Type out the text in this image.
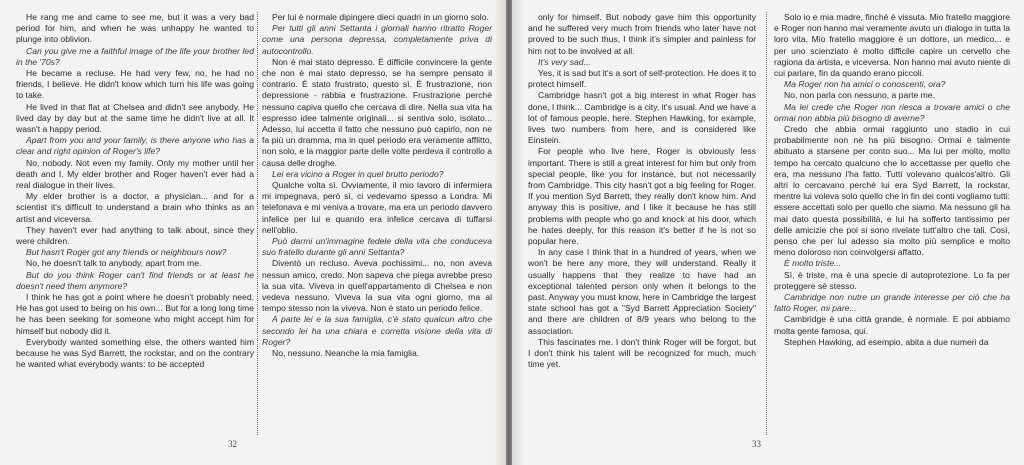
He rang me and came to see me, but it was a very bad period for him, and when he was unhappy he wanted to plunge into oblivion.

Can you give me a faithful image of the life your brother led in the '70s?

He became a recluse. He had very few, no, he had no friends, I believe. He didn't know which turn his life was going to take.

He lived in that flat at Chelsea and didn't see anybody. He lived day by day but at the same time he didn't live at all. It wasn't a happy period.

Apart from you and your family, is there anyone who has a clear and right opinion of Roger's life?

No, nobody. Not even my family. Only my mother until her death and I. My elder brother and Roger haven't ever had a real dialogue in their lives.

My elder brother is a doctor, a physician... and for a scientist it's difficult to understand a brain who thinks as an artist and viceversa.

They haven't ever had anything to talk about, since they were children.

But hasn't Roger got any friends or neighbours now?

No, he doesn't talk to anybody, apart from me.

But do you think Roger can't find friends or at least he doesn't need them anymore?

I think he has got a point where he doesn't probably need. He has got used to being on his own... But for a long long time he has been seeking for someone who might accept him for himself but nobody did it.

Everybody wanted something else, the others wanted him because he was Syd Barrett, the rockstar, and on the contrary he wanted what everybody wants: to be accepted

Per lui è normale dipingere dieci quadri in un giorno solo.

Per tutti gli anni Settanta i giornali hanno ritratto Roger come una persona depressa, completamente priva di autocontrollo.

Non è mai stato depresso. È difficile convincere la gente che non è mai stato depresso, se ha sempre pensato il contrario. È stato frustrato, questo sì. È frustrazione, non depressione - rabbia e frustrazione. Frustrazione perché nessuno capiva quello che cercava di dire. Nella sua vita ha espresso idee talmente originali... si sentiva solo, isolato... Adesso, lui accetta il fatto che nessuno può capirlo, non ne fa più un dramma, ma in quel periodo era veramente afflitto, non solo, e la maggior parte delle volte perdeva il controllo a causa delle droghe.

Lei era vicino a Roger in quel brutto periodo?

Qualche volta sì. Ovviamente, il mio lavoro di infermiera mi impegnava, però sì, ci vedevamo spesso a Londra. Mi telefonava e mi veniva a trovare, ma era un periodo davvero infelice per lui e quando era infelice cercava di tuffarsi nell'oblio.

Può darmi un'immagine fedele della vita che conduceva suo fratello durante gli anni Settanta?

Diventò un recluso. Aveva pochissimi... no, non aveva nessun amico, credo. Non sapeva che piega avrebbe preso la sua vita. Viveva in quell'appartamento di Chelsea e non vedeva nessuno. Viveva la sua vita ogni giorno, ma al tempo stesso non la viveva. Non è stato un periodo felice.

A parte lei e la sua famiglia, c'è stato qualcun altro che secondo lei ha una chiara e corretta visione della vita di Roger?

No, nessuno. Neanche la mia famiglia.

32

only for himself. But nobody gave him this opportunity and he suffered very much from friends who later have not proved to be such thus, I think it's simpler and painless for him not to be involved at all.

It's very sad...

Yes, it is sad but it's a sort of self-protection. He does it to protect himself.

Cambridge hasn't got a big interest in what Roger has done, I think... Cambridge is a city, it's usual. And we have a lot of famous people, here. Stephen Hawking, for example, lives two numbers from here, and is considered like Einstein.

For people who live here, Roger is obviously less important. There is still a great interest for him but only from special people, like you for instance, but not necessarily from Cambridge. This city hasn't got a big feeling for Roger. If you mention Syd Barrett, they really don't know him. And anyway this is positive, and I like it because he has still problems with people who go and knock at his door, which he hates deeply, for this reason it's better if he is not so popular here.

In any case I think that in a hundred of years, when we won't be here any more, they will understand. Really it usually happens that they realize to have had an exceptional talented person only when it belongs to the past. Anyway you must know, here in Cambridge the largest state school has got a "Syd Barrett Appreciation Society" and there are children of 8/9 years who belong to the association.

This fascinates me. I don't think Roger will be forgot, but I don't think his talent will be recognized for much, much time yet.

Solo io e mia madre, finché è vissuta. Mio fratello maggiore e Roger non hanno mai veramente avuto un dialogo in tutta la loro vita. Mio fratello maggiore è un dottore, un medico... e per uno scienziato è molto difficile capire un cervello che ragiona da artista, e viceversa. Non hanno mai avuto niente di cui parlare, fin da quando erano piccoli.

Ma Roger non ha amici o conoscenti, ora?

No, non parla con nessuno, a parte me.

Ma lei crede che Roger non riesca a trovare amici o che ormai non abbia più bisogno di averne?

Credo che abbia ormai raggiunto uno stadio in cui probabilmente non ne ha più bisogno. Ormai è talmente abituato a starsene per conto suo... Ma lui per molto, molto tempo ha cercato qualcuno che lo accettasse per quello che era, ma nessuno l'ha fatto. Tutti volevano qualcos'altro. Gli altri lo cercavano perché lui era Syd Barrett, la rockstar, mentre lui voleva solo quello che in fin dei conti vogliamo tutti: essere accettati solo per quello che siamo. Ma nessuno gli ha mai dato questa possibilità, e lui ha sofferto tantissimo per delle amicizie che poi si sono rivelate tutt'altro che tali. Così, penso che per lui adesso sia molto più semplice e molto meno doloroso non coinvolgersi affatto.

È molto triste...

Sì, è triste, ma è una specie di autoprotezione. Lo fa per proteggere sé stesso.

Cambridge non nutre un grande interesse per ciò che ha fatto Roger, mi pare...

Cambridge è una città grande, è normale. E poi abbiamo molta gente famosa, qui.

Stephen Hawking, ad esempio, abita a due numeri da

33
